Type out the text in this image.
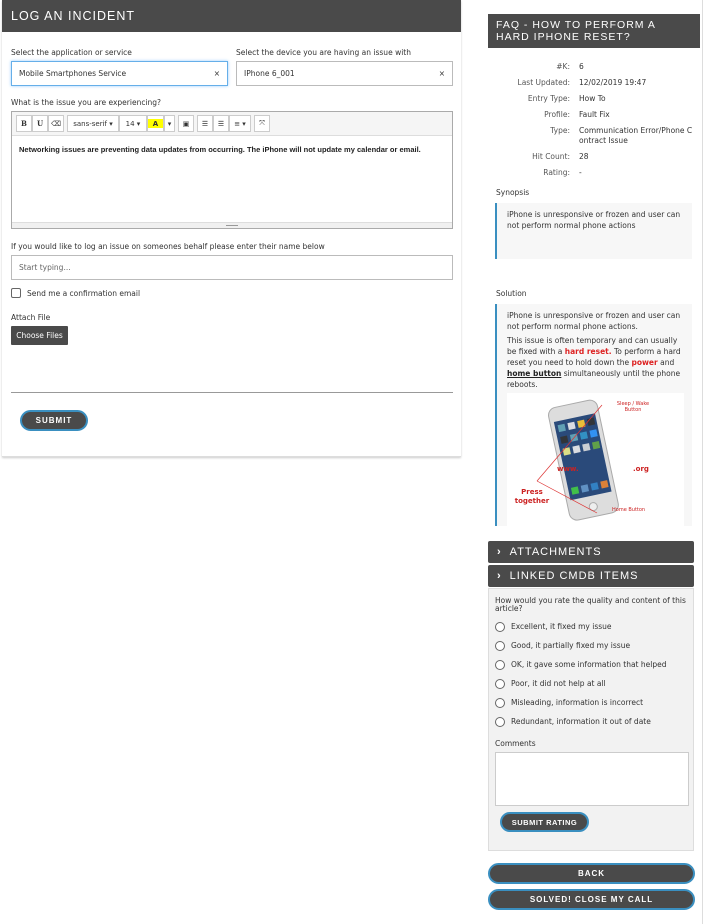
LOG AN INCIDENT
Select the application or service
Mobile Smartphones Service	×
Select the device you are having an issue with
IPhone 6_001	×
What is the issue you are experiencing?
B	U	⌫	sans-serif ▾	14 ▾	A	▾	▣	☰	☰	≡ ▾	⤧
Networking issues are preventing data updates from occurring. The iPhone will not update my calendar or email.
If you would like to log an issue on someones behalf please enter their name below
Start typing...
Send me a confirmation email
Attach File
Choose Files
SUBMIT
FAQ - HOW TO PERFORM A HARD IPHONE RESET?
#K:	6
Last Updated:	12/02/2019 19:47
Entry Type:	How To
Profile:	Fault Fix
Type:	Communication Error/Phone Contract Issue
Hit Count:	28
Rating:	-
Synopsis
iPhone is unresponsive or frozen and user can not perform normal phone actions
Solution

iPhone is unresponsive or frozen and user can not perform normal phone actions.

This issue is often temporary and can usually be fixed with a hard reset. To perform a hard reset you need to hold down the power and home button simultaneously until the phone reboots.

Sleep / Wake
Button
www.	.org
Press
together
Home Button
› ATTACHMENTS
› LINKED CMDB ITEMS
How would you rate the quality and content of this article?
Excellent, it fixed my issue
Good, it partially fixed my issue
OK, it gave some information that helped
Poor, it did not help at all
Misleading, information is incorrect
Redundant, information it out of date
Comments
SUBMIT RATING
BACK
SOLVED! CLOSE MY CALL
